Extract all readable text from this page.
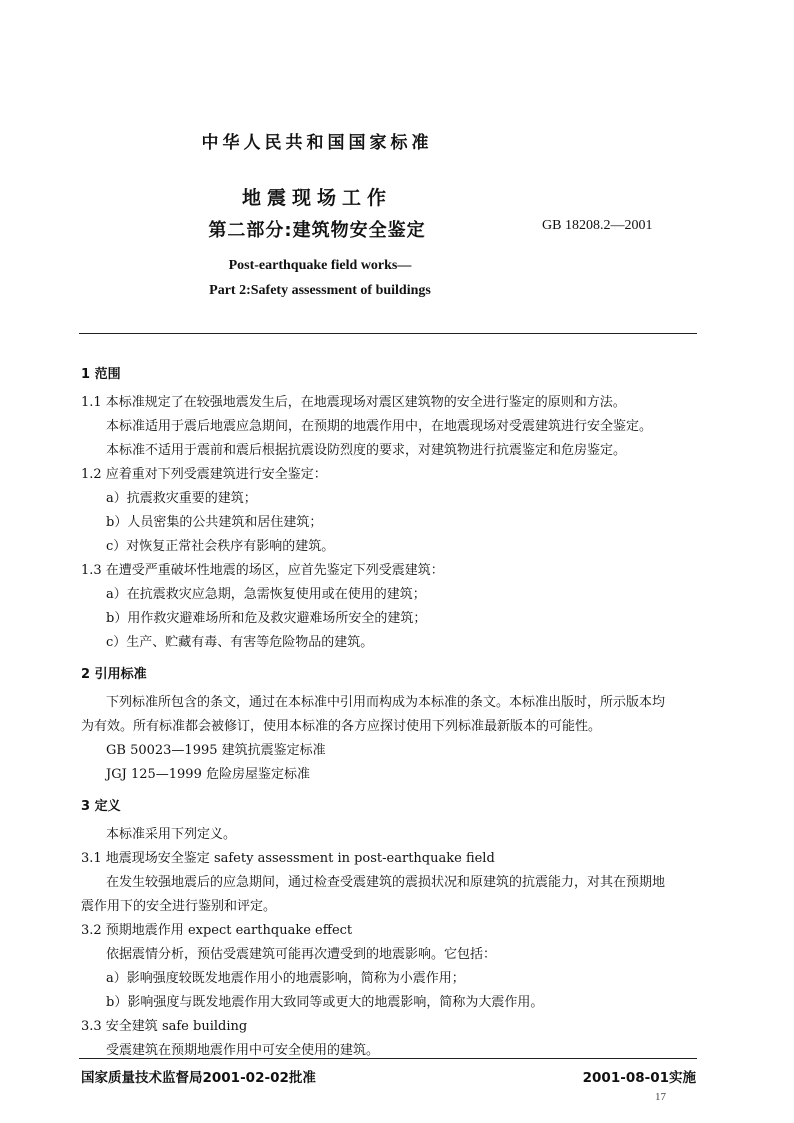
中华人民共和国国家标准
地震现场工作
第二部分:建筑物安全鉴定	GB 18208.2—2001
Post-earthquake field works—
Part 2:Safety assessment of buildings
1 范围
1.1 本标准规定了在较强地震发生后，在地震现场对震区建筑物的安全进行鉴定的原则和方法。
本标准适用于震后地震应急期间，在预期的地震作用中，在地震现场对受震建筑进行安全鉴定。
本标准不适用于震前和震后根据抗震设防烈度的要求，对建筑物进行抗震鉴定和危房鉴定。
1.2 应着重对下列受震建筑进行安全鉴定：
a）抗震救灾重要的建筑；
b）人员密集的公共建筑和居住建筑；
c）对恢复正常社会秩序有影响的建筑。
1.3 在遭受严重破坏性地震的场区，应首先鉴定下列受震建筑：
a）在抗震救灾应急期，急需恢复使用或在使用的建筑；
b）用作救灾避难场所和危及救灾避难场所安全的建筑；
c）生产、贮藏有毒、有害等危险物品的建筑。
2 引用标准
下列标准所包含的条文，通过在本标准中引用而构成为本标准的条文。本标准出版时，所示版本均
为有效。所有标准都会被修订，使用本标准的各方应探讨使用下列标准最新版本的可能性。
GB 50023—1995 建筑抗震鉴定标准
JGJ 125—1999 危险房屋鉴定标准
3 定义
本标准采用下列定义。
3.1 地震现场安全鉴定 safety assessment in post-earthquake field
在发生较强地震后的应急期间，通过检查受震建筑的震损状况和原建筑的抗震能力，对其在预期地
震作用下的安全进行鉴别和评定。
3.2 预期地震作用 expect earthquake effect
依据震情分析，预估受震建筑可能再次遭受到的地震影响。它包括：
a）影响强度较既发地震作用小的地震影响，简称为小震作用；
b）影响强度与既发地震作用大致同等或更大的地震影响，简称为大震作用。
3.3 安全建筑 safe building
受震建筑在预期地震作用中可安全使用的建筑。
国家质量技术监督局2001-02-02批准	2001-08-01实施
17
